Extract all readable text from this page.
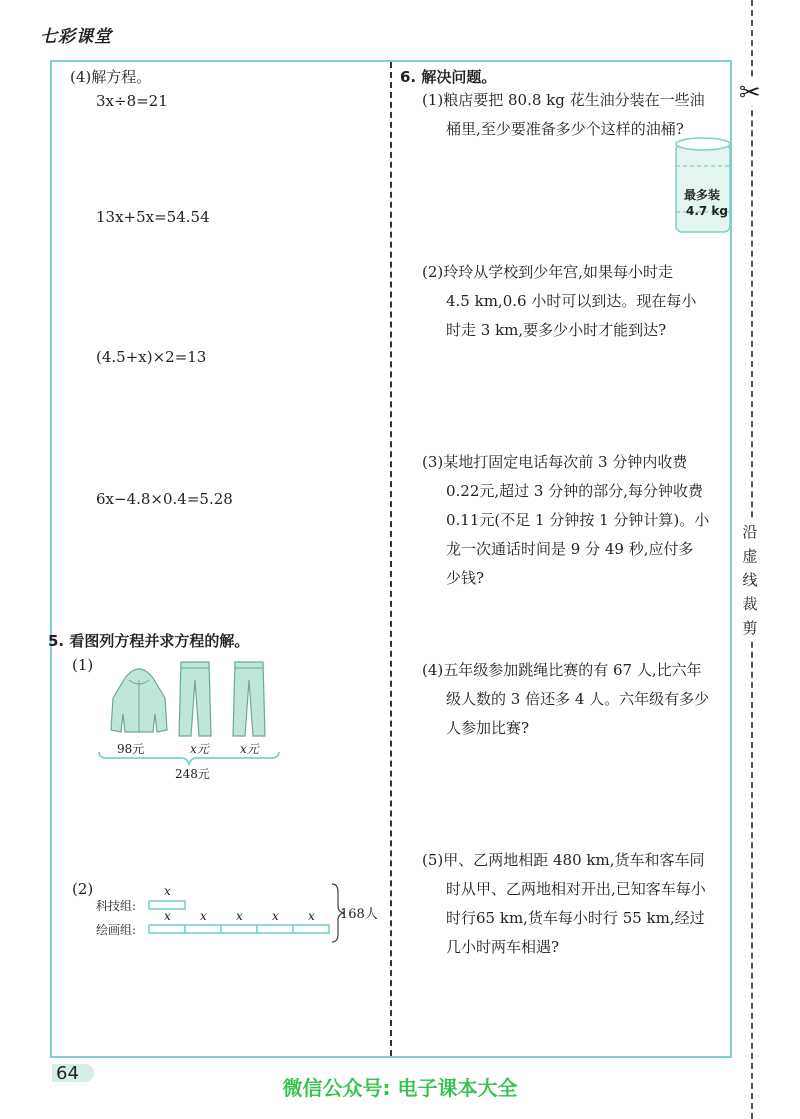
七彩课堂
✂
沿
虚
线
裁
剪
(4)解方程。
3x÷8=21
13x+5x=54.54
(4.5+x)×2=13
6x−4.8×0.4=5.28
5. 看图列方程并求方程的解。
(1)
98元	x元	x元
248元
(2)
科技组:
绘画组:
x
x x x x x 168人
6. 解决问题。
(1)粮店要把 80.8 kg 花生油分装在一些油
桶里,至少要准备多少个这样的油桶?
最多装
4.7 kg
(2)玲玲从学校到少年宫,如果每小时走
4.5 km,0.6 小时可以到达。现在每小
时走 3 km,要多少小时才能到达?
(3)某地打固定电话每次前 3 分钟内收费
0.22元,超过 3 分钟的部分,每分钟收费
0.11元(不足 1 分钟按 1 分钟计算)。小
龙一次通话时间是 9 分 49 秒,应付多
少钱?
(4)五年级参加跳绳比赛的有 67 人,比六年
级人数的 3 倍还多 4 人。六年级有多少
人参加比赛?
(5)甲、乙两地相距 480 km,货车和客车同
时从甲、乙两地相对开出,已知客车每小
时行65 km,货车每小时行 55 km,经过
几小时两车相遇?
64
微信公众号: 电子课本大全
